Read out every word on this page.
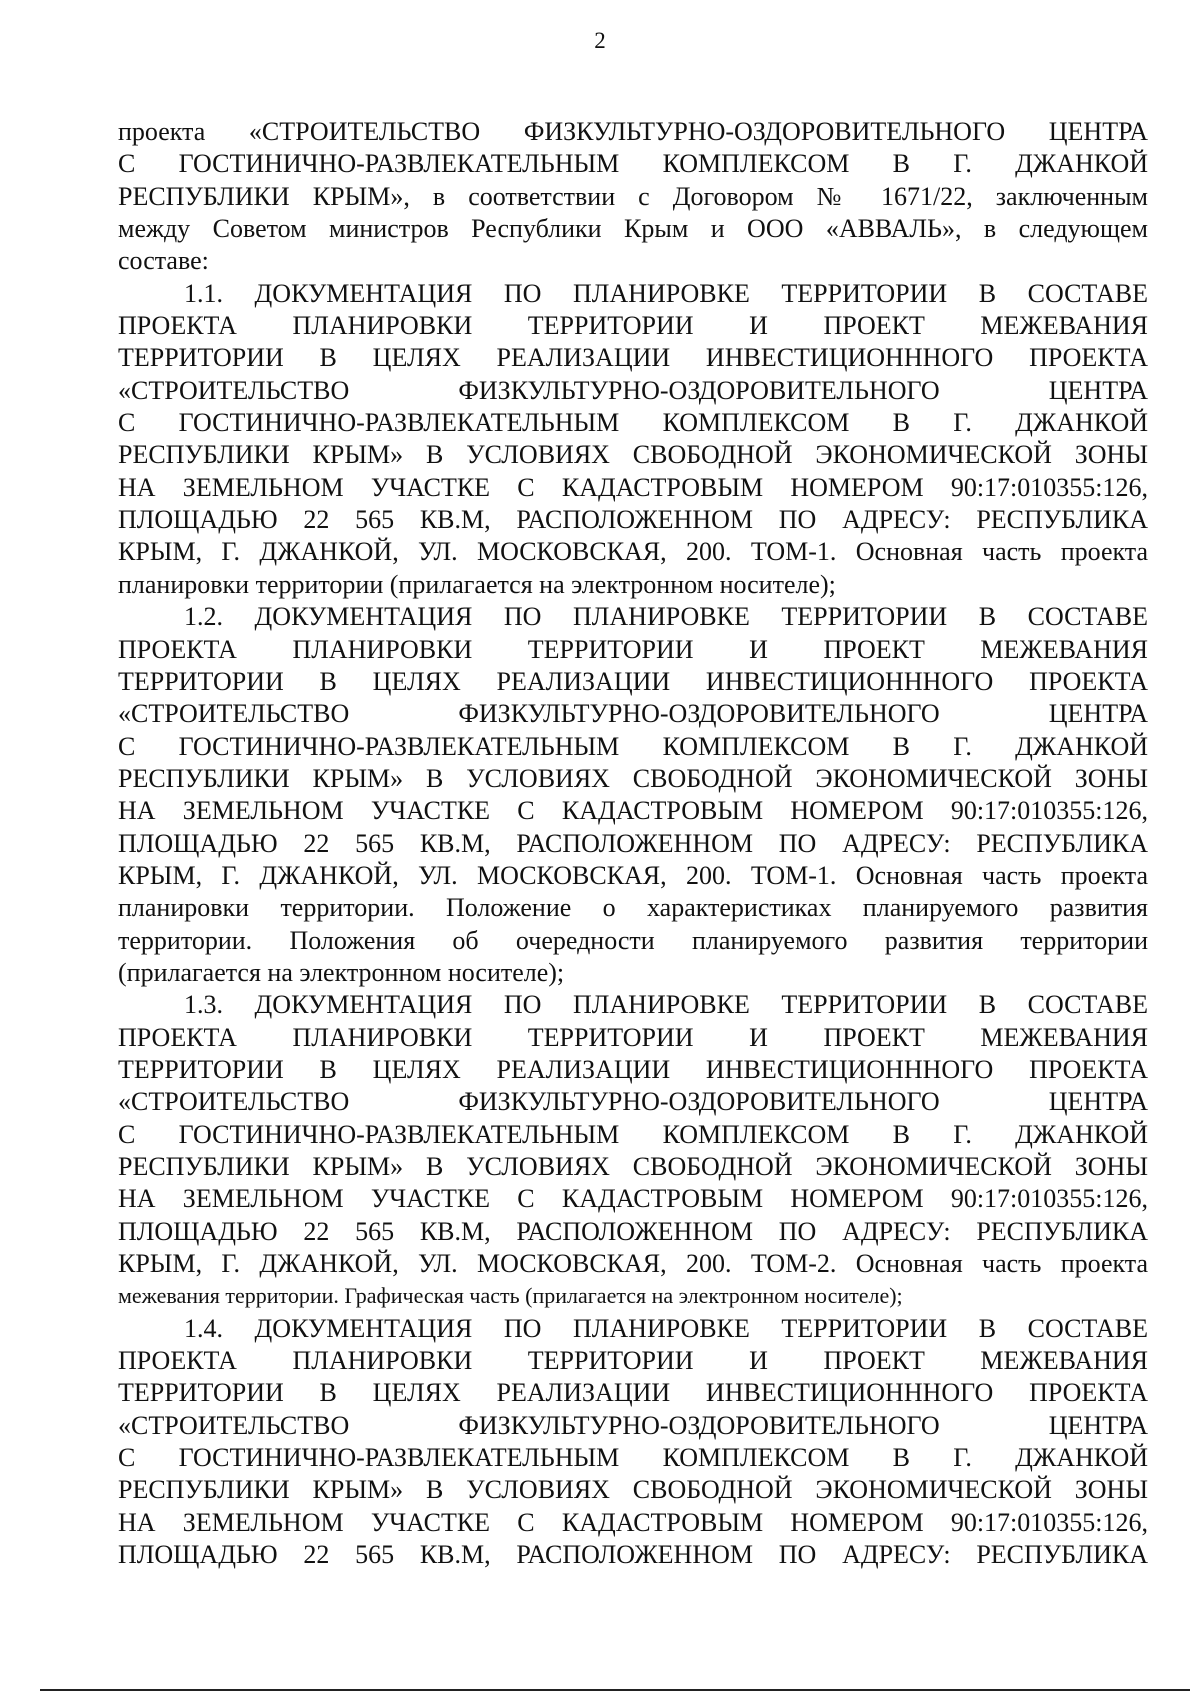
2
проекта «СТРОИТЕЛЬСТВО ФИЗКУЛЬТУРНО-ОЗДОРОВИТЕЛЬНОГО ЦЕНТРА
С ГОСТИНИЧНО-РАЗВЛЕКАТЕЛЬНЫМ КОМПЛЕКСОМ В Г. ДЖАНКОЙ
РЕСПУБЛИКИ КРЫМ», в соответствии с Договором № 1671/22, заключенным
между Советом министров Республики Крым и ООО «АВВАЛЬ», в следующем
составе:
1.1. ДОКУМЕНТАЦИЯ ПО ПЛАНИРОВКЕ ТЕРРИТОРИИ В СОСТАВЕ
ПРОЕКТА ПЛАНИРОВКИ ТЕРРИТОРИИ И ПРОЕКТ МЕЖЕВАНИЯ
ТЕРРИТОРИИ В ЦЕЛЯХ РЕАЛИЗАЦИИ ИНВЕСТИЦИОНННОГО ПРОЕКТА
«СТРОИТЕЛЬСТВО ФИЗКУЛЬТУРНО-ОЗДОРОВИТЕЛЬНОГО ЦЕНТРА
С ГОСТИНИЧНО-РАЗВЛЕКАТЕЛЬНЫМ КОМПЛЕКСОМ В Г. ДЖАНКОЙ
РЕСПУБЛИКИ КРЫМ» В УСЛОВИЯХ СВОБОДНОЙ ЭКОНОМИЧЕСКОЙ ЗОНЫ
НА ЗЕМЕЛЬНОМ УЧАСТКЕ С КАДАСТРОВЫМ НОМЕРОМ 90:17:010355:126,
ПЛОЩАДЬЮ 22 565 КВ.М, РАСПОЛОЖЕННОМ ПО АДРЕСУ: РЕСПУБЛИКА
КРЫМ, Г. ДЖАНКОЙ, УЛ. МОСКОВСКАЯ, 200. ТОМ-1. Основная часть проекта
планировки территории (прилагается на электронном носителе);
1.2. ДОКУМЕНТАЦИЯ ПО ПЛАНИРОВКЕ ТЕРРИТОРИИ В СОСТАВЕ
ПРОЕКТА ПЛАНИРОВКИ ТЕРРИТОРИИ И ПРОЕКТ МЕЖЕВАНИЯ
ТЕРРИТОРИИ В ЦЕЛЯХ РЕАЛИЗАЦИИ ИНВЕСТИЦИОНННОГО ПРОЕКТА
«СТРОИТЕЛЬСТВО ФИЗКУЛЬТУРНО-ОЗДОРОВИТЕЛЬНОГО ЦЕНТРА
С ГОСТИНИЧНО-РАЗВЛЕКАТЕЛЬНЫМ КОМПЛЕКСОМ В Г. ДЖАНКОЙ
РЕСПУБЛИКИ КРЫМ» В УСЛОВИЯХ СВОБОДНОЙ ЭКОНОМИЧЕСКОЙ ЗОНЫ
НА ЗЕМЕЛЬНОМ УЧАСТКЕ С КАДАСТРОВЫМ НОМЕРОМ 90:17:010355:126,
ПЛОЩАДЬЮ 22 565 КВ.М, РАСПОЛОЖЕННОМ ПО АДРЕСУ: РЕСПУБЛИКА
КРЫМ, Г. ДЖАНКОЙ, УЛ. МОСКОВСКАЯ, 200. ТОМ-1. Основная часть проекта
планировки территории. Положение о характеристиках планируемого развития
территории. Положения об очередности планируемого развития территории
(прилагается на электронном носителе);
1.3. ДОКУМЕНТАЦИЯ ПО ПЛАНИРОВКЕ ТЕРРИТОРИИ В СОСТАВЕ
ПРОЕКТА ПЛАНИРОВКИ ТЕРРИТОРИИ И ПРОЕКТ МЕЖЕВАНИЯ
ТЕРРИТОРИИ В ЦЕЛЯХ РЕАЛИЗАЦИИ ИНВЕСТИЦИОНННОГО ПРОЕКТА
«СТРОИТЕЛЬСТВО ФИЗКУЛЬТУРНО-ОЗДОРОВИТЕЛЬНОГО ЦЕНТРА
С ГОСТИНИЧНО-РАЗВЛЕКАТЕЛЬНЫМ КОМПЛЕКСОМ В Г. ДЖАНКОЙ
РЕСПУБЛИКИ КРЫМ» В УСЛОВИЯХ СВОБОДНОЙ ЭКОНОМИЧЕСКОЙ ЗОНЫ
НА ЗЕМЕЛЬНОМ УЧАСТКЕ С КАДАСТРОВЫМ НОМЕРОМ 90:17:010355:126,
ПЛОЩАДЬЮ 22 565 КВ.М, РАСПОЛОЖЕННОМ ПО АДРЕСУ: РЕСПУБЛИКА
КРЫМ, Г. ДЖАНКОЙ, УЛ. МОСКОВСКАЯ, 200. ТОМ-2. Основная часть проекта
межевания территории. Графическая часть (прилагается на электронном носителе);
1.4. ДОКУМЕНТАЦИЯ ПО ПЛАНИРОВКЕ ТЕРРИТОРИИ В СОСТАВЕ
ПРОЕКТА ПЛАНИРОВКИ ТЕРРИТОРИИ И ПРОЕКТ МЕЖЕВАНИЯ
ТЕРРИТОРИИ В ЦЕЛЯХ РЕАЛИЗАЦИИ ИНВЕСТИЦИОНННОГО ПРОЕКТА
«СТРОИТЕЛЬСТВО ФИЗКУЛЬТУРНО-ОЗДОРОВИТЕЛЬНОГО ЦЕНТРА
С ГОСТИНИЧНО-РАЗВЛЕКАТЕЛЬНЫМ КОМПЛЕКСОМ В Г. ДЖАНКОЙ
РЕСПУБЛИКИ КРЫМ» В УСЛОВИЯХ СВОБОДНОЙ ЭКОНОМИЧЕСКОЙ ЗОНЫ
НА ЗЕМЕЛЬНОМ УЧАСТКЕ С КАДАСТРОВЫМ НОМЕРОМ 90:17:010355:126,
ПЛОЩАДЬЮ 22 565 КВ.М, РАСПОЛОЖЕННОМ ПО АДРЕСУ: РЕСПУБЛИКА
